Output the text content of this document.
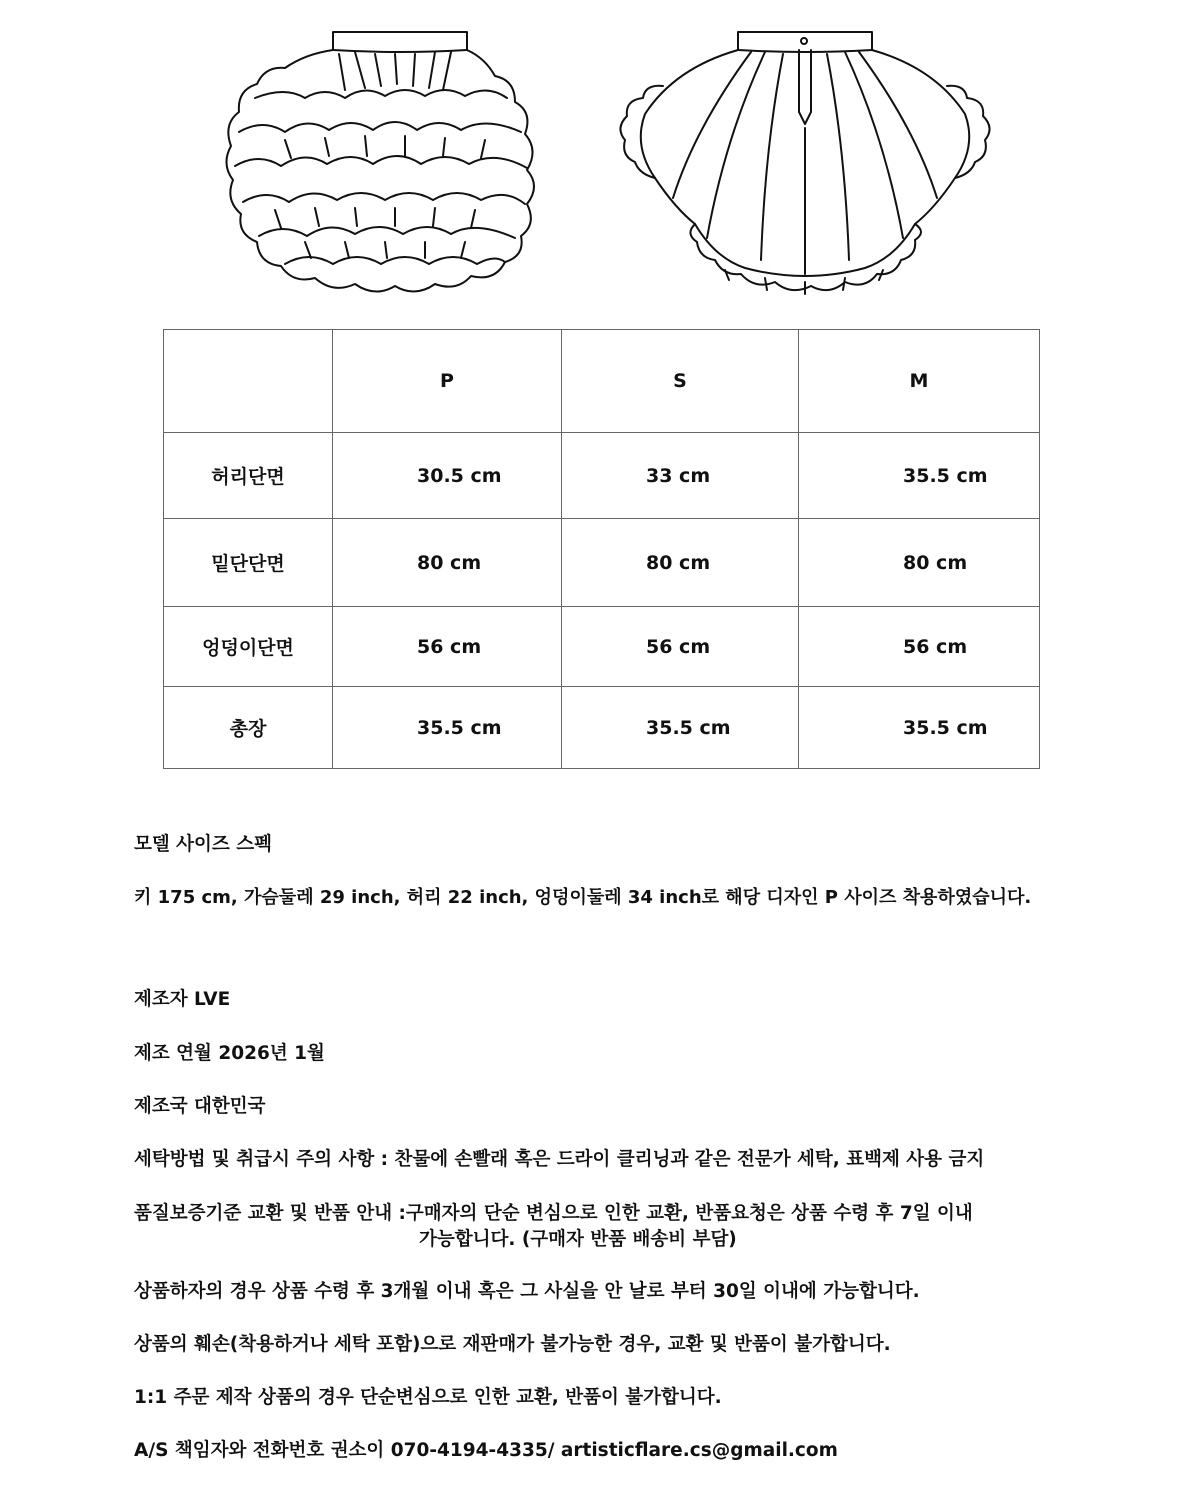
	P	S	M
허리단면	30.5 cm	33 cm	35.5 cm
밑단단면	80 cm	80 cm	80 cm
엉덩이단면	56 cm	56 cm	56 cm
총장	35.5 cm	35.5 cm	35.5 cm
모델 사이즈 스펙
키 175 cm, 가슴둘레 29 inch, 허리 22 inch, 엉덩이둘레 34 inch로 해당 디자인 P 사이즈 착용하였습니다.
제조자 LVE
제조 연월 2026년 1월
제조국 대한민국
세탁방법 및 취급시 주의 사항 : 찬물에 손빨래 혹은 드라이 클리닝과 같은 전문가 세탁, 표백제 사용 금지
품질보증기준 교환 및 반품 안내 :구매자의 단순 변심으로 인한 교환, 반품요청은 상품 수령 후 7일 이내
가능합니다. (구매자 반품 배송비 부담)
상품하자의 경우 상품 수령 후 3개월 이내 혹은 그 사실을 안 날로 부터 30일 이내에 가능합니다.
상품의 훼손(착용하거나 세탁 포함)으로 재판매가 불가능한 경우, 교환 및 반품이 불가합니다.
1:1 주문 제작 상품의 경우 단순변심으로 인한 교환, 반품이 불가합니다.
A/S 책임자와 전화번호 권소이 070-4194-4335/ artisticflare.cs@gmail.com
